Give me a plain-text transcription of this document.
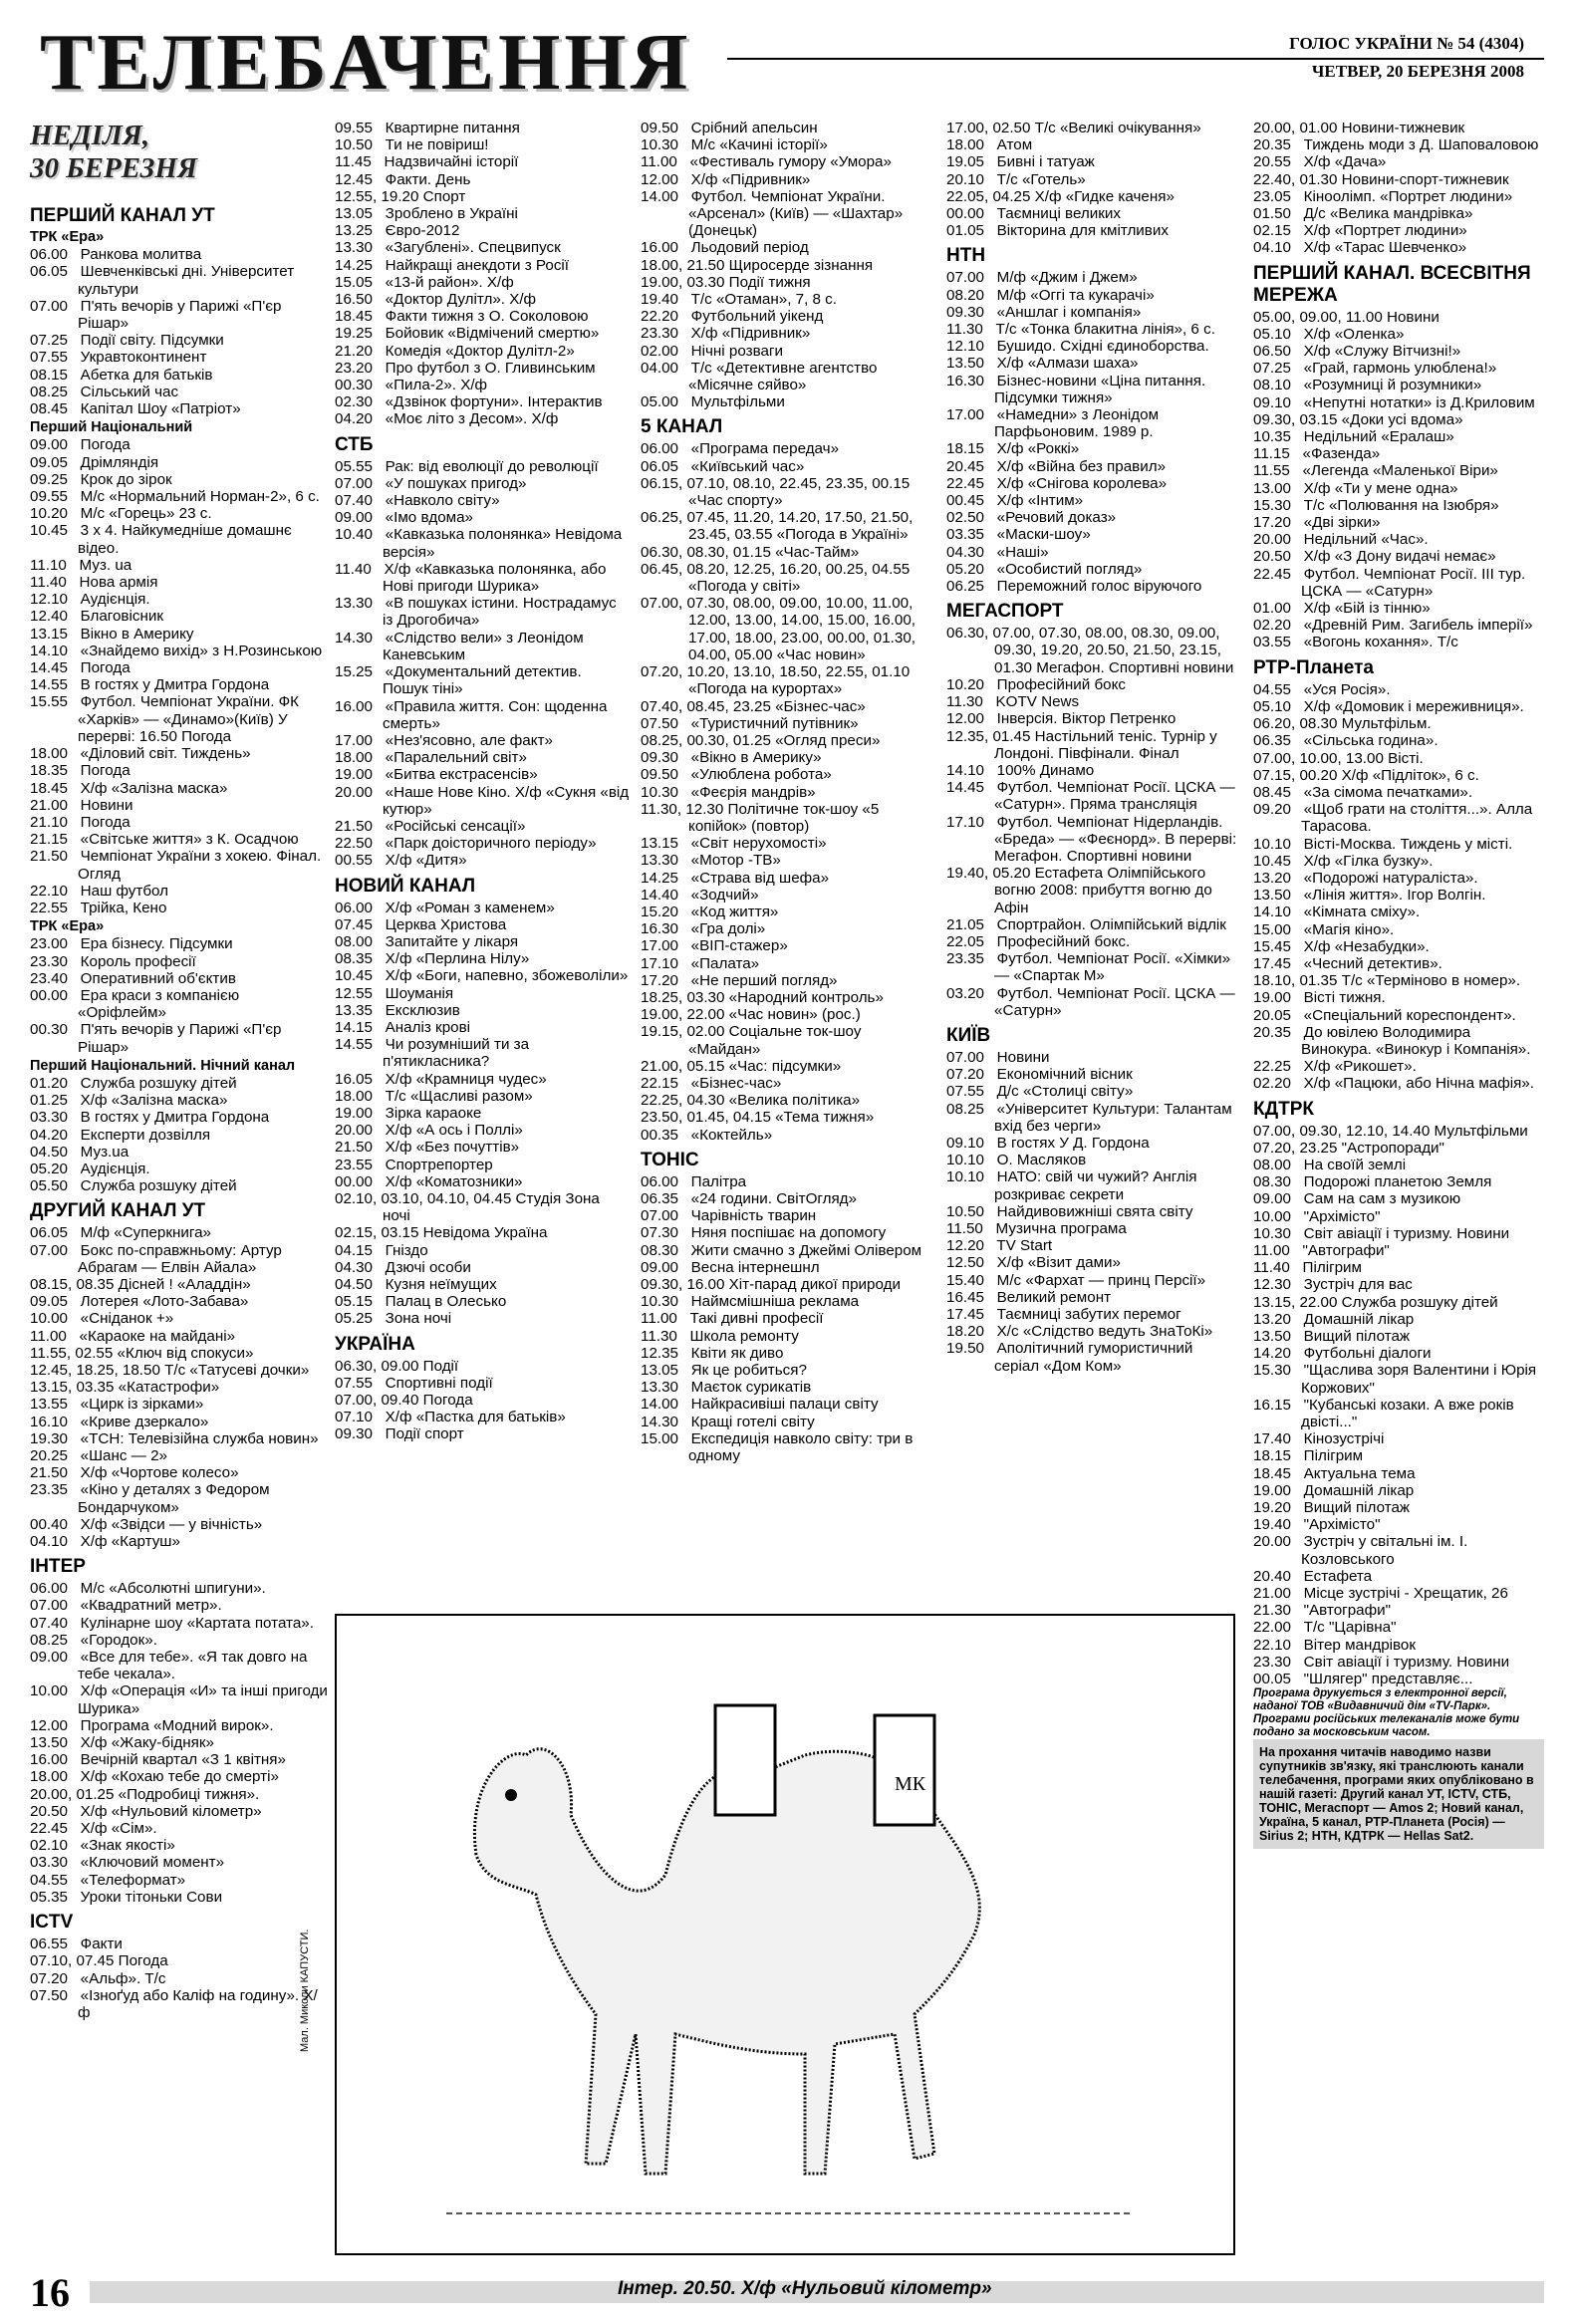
ТЕЛЕБАЧЕННЯ	ГОЛОС УКРАЇНИ № 54 (4304)
ЧЕТВЕР, 20 БЕРЕЗНЯ 2008
НЕДІЛЯ,
30 БЕРЕЗНЯ
ПЕРШИЙ КАНАЛ УТ
ТРК «Ера»
06.00   Ранкова молитва
06.05   Шевченківські дні. Університет культури
07.00   П'ять вечорів у Парижі «П'єр Рішар»
07.25   Події світу. Підсумки
07.55   Укравтоконтинент
08.15   Абетка для батьків
08.25   Сільський час
08.45   Капітал Шоу «Патріот»
Перший Національний
09.00   Погода
09.05   Дрімляндія
09.25   Крок до зірок
09.55   М/с «Нормальний Норман-2», 6 с.
10.20   М/с «Горець» 23 с.
10.45   3 х 4. Найкумедніше домашнє відео.
11.10   Муз. ua
11.40   Нова армія
12.10   Аудієнція.
12.40   Благовісник
13.15   Вікно в Америку
14.10   «Знайдемо вихід» з Н.Розинською
14.45   Погода
14.55   В гостях у Дмитра Гордона
15.55   Футбол. Чемпіонат України. ФК «Харків» — «Динамо»(Київ) У перерві: 16.50 Погода
18.00   «Діловий світ. Тиждень»
18.35   Погода
18.45   Х/ф «Залізна маска»
21.00   Новини
21.10   Погода
21.15   «Світське життя» з К. Осадчою
21.50   Чемпіонат України з хокею. Фінал. Огляд
22.10   Наш футбол
22.55   Трійка, Кено
ТРК «Ера»
23.00   Ера бізнесу. Підсумки
23.30   Король професії
23.40   Оперативний об'єктив
00.00   Ера краси з компанією «Оріфлейм»
00.30   П'ять вечорів у Парижі «П'єр Рішар»
Перший Національний. Нічний канал
01.20   Служба розшуку дітей
01.25   Х/ф «Залізна маска»
03.30   В гостях у Дмитра Гордона
04.20   Експерти дозвілля
04.50   Муз.ua
05.20   Аудієнція.
05.50   Служба розшуку дітей
ДРУГИЙ КАНАЛ УТ
06.05   М/ф «Суперкнига»
07.00   Бокс по-справжньому: Артур Абрагам — Елвін Айала»
08.15, 08.35 Дісней ! «Аладдін»
09.05   Лотерея «Лото-Забава»
10.00   «Сніданок +»
11.00   «Караоке на майдані»
11.55, 02.55 «Ключ від спокуси»
12.45, 18.25, 18.50 Т/с «Татусеві дочки»
13.15, 03.35 «Катастрофи»
13.55   «Цирк із зірками»
16.10   «Криве дзеркало»
19.30   «ТСН: Телевізійна служба новин»
20.25   «Шанс — 2»
21.50   Х/ф «Чортове колесо»
23.35   «Кіно у деталях з Федором Бондарчуком»
00.40   Х/ф «Звідси — у вічність»
04.10   Х/ф «Картуш»
ІНТЕР
06.00   М/с «Абсолютні шпигуни».
07.00   «Квадратний метр».
07.40   Кулінарне шоу «Картата потата».
08.25   «Городок».
09.00   «Все для тебе». «Я так довго на тебе чекала».
10.00   Х/ф «Операція «И» та інші пригоди Шурика»
12.00   Програма «Модний вирок».
13.50   Х/ф «Жаку-бідняк»
16.00   Вечірній квартал «З 1 квітня»
18.00   Х/ф «Кохаю тебе до смерті»
20.00, 01.25 «Подробиці тижня».
20.50   Х/ф «Нульовий кілометр»
22.45   Х/ф «Сім».
02.10   «Знак якості»
03.30   «Ключовий момент»
04.55   «Телеформат»
05.35   Уроки тітоньки Сови
ICTV
06.55   Факти
07.10, 07.45 Погода
07.20   «Альф». Т/с
07.50   «Ізноґуд або Каліф на годину». Х/ф
09.55   Квартирне питання
10.50   Ти не повіриш!
11.45   Надзвичайні історії
12.45   Факти. День
12.55, 19.20 Спорт
13.05   Зроблено в Україні
13.25   Євро-2012
13.30   «Загублені». Спецвипуск
14.25   Найкращі анекдоти з Росії
15.05   «13-й район». Х/ф
16.50   «Доктор Дулітл». Х/ф
18.45   Факти тижня з О. Соколовою
19.25   Бойовик «Відмічений смертю»
21.20   Комедія «Доктор Дулітл-2»
23.20   Про футбол з О. Гливинським
00.30   «Пила-2». Х/ф
02.30   «Дзвінок фортуни». Інтерактив
04.20   «Моє літо з Десом». Х/ф
СТБ
05.55   Рак: від еволюції до революції
07.00   «У пошуках пригод»
07.40   «Навколо світу»
09.00   «Імо вдома»
10.40   «Кавказька полонянка» Невідома версія»
11.40   Х/ф «Кавказька полонянка, або Нові пригоди Шурика»
13.30   «В пошуках істини. Нострадамус із Дрогобича»
14.30   «Слідство вели» з Леонідом Каневським
15.25   «Документальний детектив. Пошук тіні»
16.00   «Правила життя. Сон: щоденна смерть»
17.00   «Нез'ясовно, але факт»
18.00   «Паралельний світ»
19.00   «Битва екстрасенсів»
20.00   «Наше Нове Кіно. Х/ф «Сукня «від кутюр»
21.50   «Російські сенсації»
22.50   «Парк доісторичного періоду»
00.55   Х/ф «Дитя»
НОВИЙ КАНАЛ
06.00   Х/ф «Роман з каменем»
07.45   Церква Христова
08.00   Запитайте у лікаря
08.35   Х/ф «Перлина Нілу»
10.45   Х/ф «Боги, напевно, збожеволіли»
12.55   Шоуманія
13.35   Ексклюзив
14.15   Аналіз крові
14.55   Чи розумніший ти за п'ятикласника?
16.05   Х/ф «Крамниця чудес»
18.00   Т/с «Щасливі разом»
19.00   Зірка караоке
20.00   Х/ф «А ось і Поллі»
21.50   Х/ф «Без почуттів»
23.55   Спортрепортер
00.00   Х/ф «Коматозники»
02.10, 03.10, 04.10, 04.45 Студія Зона ночі
02.15, 03.15 Невідома Україна
04.15   Гніздо
04.30   Дзючі особи
04.50   Кузня неїмущих
05.15   Палац в Олесько
05.25   Зона ночі
УКРАЇНА
06.30, 09.00 Події
07.55   Спортивні події
07.00, 09.40 Погода
07.10   Х/ф «Пастка для батьків»
09.30   Події спорт
09.50   Срібний апельсин
10.30   М/с «Качині історії»
11.00   «Фестиваль гумору «Умора»
12.00   Х/ф «Підривник»
14.00   Футбол. Чемпіонат України. «Арсенал» (Київ) — «Шахтар» (Донецьк)
16.00   Льодовий період
18.00, 21.50 Щиросерде зізнання
19.00, 03.30 Події тижня
19.40   Т/с «Отаман», 7, 8 с.
22.20   Футбольний уікенд
23.30   Х/ф «Підривник»
02.00   Нічні розваги
04.00   Т/с «Детективне агентство «Місячне сяйво»
05.00   Мультфільми
5 КАНАЛ
06.00   «Програма передач»
06.05   «Київський час»
06.15, 07.10, 08.10, 22.45, 23.35, 00.15 «Час спорту»
06.25, 07.45, 11.20, 14.20, 17.50, 21.50, 23.45, 03.55 «Погода в Україні»
06.30, 08.30, 01.15 «Час-Тайм»
06.45, 08.20, 12.25, 16.20, 00.25, 04.55 «Погода у світі»
07.00, 07.30, 08.00, 09.00, 10.00, 11.00, 12.00, 13.00, 14.00, 15.00, 16.00, 17.00, 18.00, 23.00, 00.00, 01.30, 04.00, 05.00 «Час новин»
07.20, 10.20, 13.10, 18.50, 22.55, 01.10 «Погода на курортах»
07.40, 08.45, 23.25 «Бізнес-час»
07.50   «Туристичний путівник»
08.25, 00.30, 01.25 «Огляд преси»
09.30   «Вікно в Америку»
09.50   «Улюблена робота»
10.30   «Феєрія мандрів»
11.30, 12.30 Політичне ток-шоу «5 копійок» (повтор)
13.15   «Світ нерухомості»
13.30   «Мотор -ТВ»
14.25   «Страва від шефа»
14.40   «Зодчий»
15.20   «Код життя»
16.30   «Гра долі»
17.00   «ВІП-стажер»
17.10   «Палата»
17.20   «Не перший погляд»
18.25, 03.30 «Народний контроль»
19.00, 22.00 «Час новин» (рос.)
19.15, 02.00 Соціальне ток-шоу «Майдан»
21.00, 05.15 «Час: підсумки»
22.15   «Бізнес-час»
22.25, 04.30 «Велика політика»
23.50, 01.45, 04.15 «Тема тижня»
00.35   «Коктейль»
ТОНІС
06.00   Палітра
06.35   «24 години. СвітОгляд»
07.00   Чарівність тварин
07.30   Няня поспішає на допомогу
08.30   Жити смачно з Джеймі Олівером
09.00   Весна інтернешнл
09.30, 16.00 Хіт-парад дикої природи
10.30   Наймсмішніша реклама
11.00   Такі дивні професії
11.30   Школа ремонту
12.35   Квіти як диво
13.05   Як це робиться?
13.30   Маєток сурикатів
14.00   Найкрасивіші палаци світу
14.30   Кращі готелі світу
15.00   Експедиція навколо світу: три в одному
17.00, 02.50 Т/с «Великі очікування»
18.00   Атом
19.05   Бивні і татуаж
20.10   Т/с «Готель»
22.05, 04.25 Х/ф «Гидке каченя»
00.00   Таємниці великих
01.05   Вікторина для кмітливих
НТН
07.00   М/ф «Джим і Джем»
08.20   М/ф «Оггі та кукарачі»
09.30   «Аншлаг і компанія»
11.30   Т/с «Тонка блакитна лінія», 6 с.
12.10   Бушидо. Східні єдиноборства.
13.50   Х/ф «Алмази шаха»
16.30   Бізнес-новини «Ціна питання. Підсумки тижня»
17.00   «Намедни» з Леонідом Парфьоновим. 1989 р.
18.15   Х/ф «Роккі»
20.45   Х/ф «Війна без правил»
22.45   Х/ф «Снігова королева»
00.45   Х/ф «Інтим»
02.50   «Речовий доказ»
03.35   «Маски-шоу»
04.30   «Наші»
05.20   «Особистий погляд»
06.25   Переможний голос віруючого
МЕГАСПОРТ
06.30, 07.00, 07.30, 08.00, 08.30, 09.00, 09.30, 19.20, 20.50, 21.50, 23.15, 01.30 Мегафон. Спортивні новини
10.20   Професійний бокс
11.30   KOTV News
12.00   Інверсія. Віктор Петренко
12.35, 01.45 Настільний теніс. Турнір у Лондоні. Півфінали. Фінал
14.10   100% Динамо
14.45   Футбол. Чемпіонат Росії. ЦСКА — «Сатурн». Пряма трансляція
17.10   Футбол. Чемпіонат Нідерландів. «Бреда» — «Феєнорд». В перерві: Мегафон. Спортивні новини
19.40, 05.20 Естафета Олімпійського вогню 2008: прибуття вогню до Афін
21.05   Спортрайон. Олімпійський відлік
22.05   Професійний бокс.
23.35   Футбол. Чемпіонат Росії. «Хімки» — «Спартак М»
03.20   Футбол. Чемпіонат Росії. ЦСКА — «Сатурн»
КИЇВ
07.00   Новини
07.20   Економічний вісник
07.55   Д/с «Столиці світу»
08.25   «Університет Культури: Талантам вхід без черги»
09.10   В гостях У Д. Гордона
10.10   О. Масляков
10.10   НАТО: свій чи чужий? Англія розкриває секрети
10.50   Найдивовижніші свята світу
11.50   Музична програма
12.20   TV Start
12.50   Х/ф «Візит дами»
15.40   М/с «Фархат — принц Персії»
16.45   Великий ремонт
17.45   Таємниці забутих перемог
18.20   Х/с «Слідство ведуть ЗнаТоКі»
19.50   Аполітичний гумористичний серіал «Дом Ком»
20.00, 01.00 Новини-тижневик
20.35   Тиждень моди з Д. Шаповаловою
20.55   Х/ф «Дача»
22.40, 01.30 Новини-спорт-тижневик
23.05   Кіноолімп. «Портрет людини»
01.50   Д/с «Велика мандрівка»
02.15   Х/ф «Портрет людини»
04.10   Х/ф «Тарас Шевченко»
ПЕРШИЙ КАНАЛ. ВСЕСВІТНЯ МЕРЕЖА
05.00, 09.00, 11.00 Новини
05.10   Х/ф «Оленка»
06.50   Х/ф «Служу Вітчизні!»
07.25   «Грай, гармонь улюблена!»
08.10   «Розумниці й розумники»
09.10   «Непутні нотатки» із Д.Криловим
09.30, 03.15 «Доки усі вдома»
10.35   Недільний «Ералаш»
11.15   «Фазенда»
11.55   «Легенда «Маленької Віри»
13.00   Х/ф «Ти у мене одна»
15.30   Т/с «Полювання на Ізюбря»
17.20   «Дві зірки»
20.00   Недільний «Час».
20.50   Х/ф «З Дону видачі немає»
22.45   Футбол. Чемпіонат Росії. ІІІ тур. ЦСКА — «Сатурн»
01.00   Х/ф «Бій із тінню»
02.20   «Древній Рим. Загибель імперії»
03.55   «Вогонь кохання». Т/с
РТР-Планета
04.55   «Уся Росія».
05.10   Х/ф «Домовик і мереживниця».
06.20, 08.30 Мультфільм.
06.35   «Сільська година».
07.00, 10.00, 13.00 Вісті.
07.15, 00.20 Х/ф «Підліток», 6 с.
08.45   «За сімома печатками».
09.20   «Щоб грати на століття...». Алла Тарасова.
10.10   Вісті-Москва. Тиждень у місті.
10.45   Х/ф «Гілка бузку».
13.20   «Подорожі натураліста».
13.50   «Лінія життя». Ігор Волгін.
14.10   «Кімната сміху».
15.00   «Магія кіно».
15.45   Х/ф «Незабудки».
17.45   «Чесний детектив».
18.10, 01.35 Т/с «Терміново в номер».
19.00   Вісті тижня.
20.05   «Спеціальний кореспондент».
20.35   До ювілею Володимира Винокура. «Винокур і Компанія».
22.25   Х/ф «Рикошет».
02.20   Х/ф «Пацюки, або Нічна мафія».
КДТРК
07.00, 09.30, 12.10, 14.40 Мультфільми
07.20, 23.25 "Астропоради"
08.00   На своїй землі
08.30   Подорожі планетою Земля
09.00   Сам на сам з музикою
10.00   "Архімісто"
10.30   Світ авіації і туризму. Новини
11.00   "Автографи"
11.40   Пілігрим
12.30   Зустріч для вас
13.15, 22.00 Служба розшуку дітей
13.20   Домашній лікар
13.50   Вищий пілотаж
14.20   Футбольні діалоги
15.30   "Щаслива зоря Валентини і Юрія Коржових"
16.15   "Кубанські козаки. А вже років двісті..."
17.40   Кінозустрічі
18.15   Пілігрим
18.45   Актуальна тема
19.00   Домашній лікар
19.20   Вищий пілотаж
19.40   "Архімісто"
20.00   Зустріч у світальні ім. І. Козловського
20.40   Естафета
21.00   Місце зустрічі - Хрещатик, 26
21.30   "Автографи"
22.00   Т/с "Царівна"
22.10   Вітер мандрівок
23.30   Світ авіації і туризму. Новини
00.05   "Шлягер" представляє...
Програма друкується з електронної версії, наданої ТОВ «Видавничий дім «TV-Парк». Програми російських телеканалів може бути подано за московським часом.
На прохання читачів наводимо назви супутників зв'язку, які транслюють канали телебачення, програми яких опубліковано в нашій газеті: Другий канал УТ, ICTV, СТБ, ТОНІС, Мегаспорт — Amos 2; Новий канал, Україна, 5 канал, РТР-Планета (Росія) — Sirius 2; НТН, КДТРК — Hellas Sat2.
МК
Мал. Миколи КАПУСТИ.
16	Інтер. 20.50. Х/ф «Нульовий кілометр»
